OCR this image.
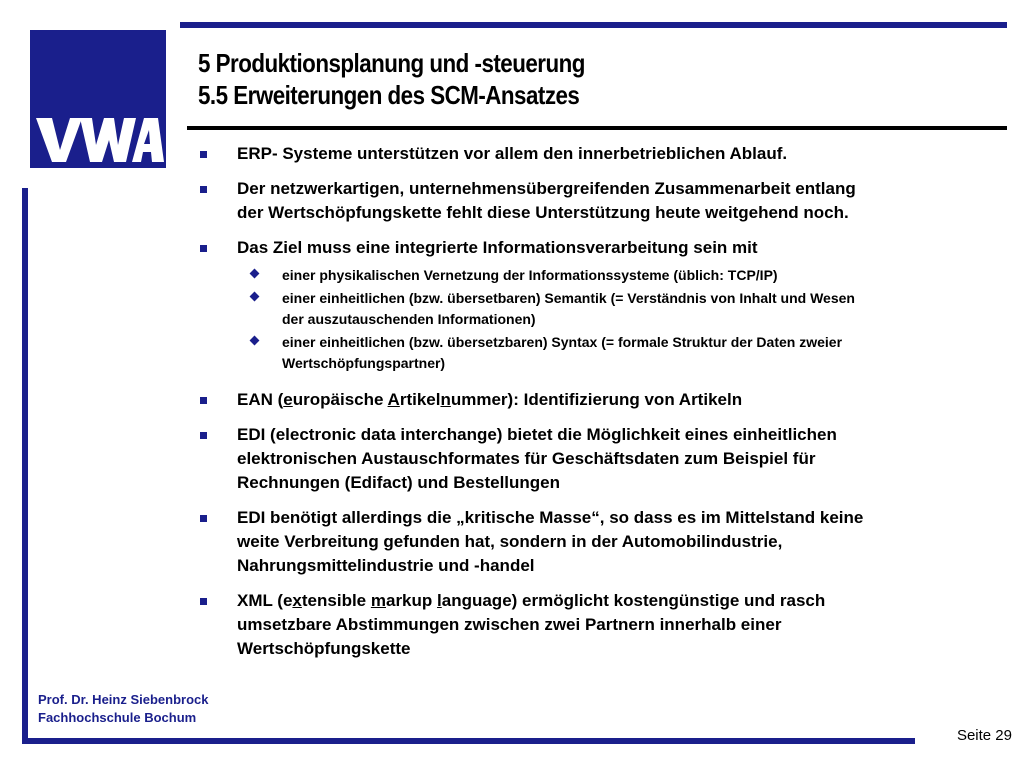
5 Produktionsplanung und -steuerung
5.5 Erweiterungen des SCM-Ansatzes
ERP- Systeme unterstützen vor allem den innerbetrieblichen Ablauf.
Der netzwerkartigen, unternehmensübergreifenden Zusammenarbeit entlang
der Wertschöpfungskette fehlt diese Unterstützung heute weitgehend noch.
Das Ziel muss eine integrierte Informationsverarbeitung sein mit
einer physikalischen Vernetzung der Informationssysteme (üblich: TCP/IP)
einer einheitlichen (bzw. übersetbaren) Semantik (= Verständnis von Inhalt und Wesen
der auszutauschenden Informationen)
einer einheitlichen (bzw. übersetzbaren) Syntax (= formale Struktur der Daten zweier
Wertschöpfungspartner)
EAN (europäische Artikelnummer): Identifizierung von Artikeln
EDI (electronic data interchange) bietet die Möglichkeit eines einheitlichen
elektronischen Austauschformates für Geschäftsdaten zum Beispiel für
Rechnungen (Edifact) und Bestellungen
EDI benötigt allerdings die „kritische Masse“, so dass es im Mittelstand keine
weite Verbreitung gefunden hat, sondern in der Automobilindustrie,
Nahrungsmittelindustrie und -handel
XML (extensible markup language) ermöglicht kostengünstige und rasch
umsetzbare Abstimmungen zwischen zwei Partnern innerhalb einer
Wertschöpfungskette
Prof. Dr. Heinz Siebenbrock
Fachhochschule Bochum
Seite 29
